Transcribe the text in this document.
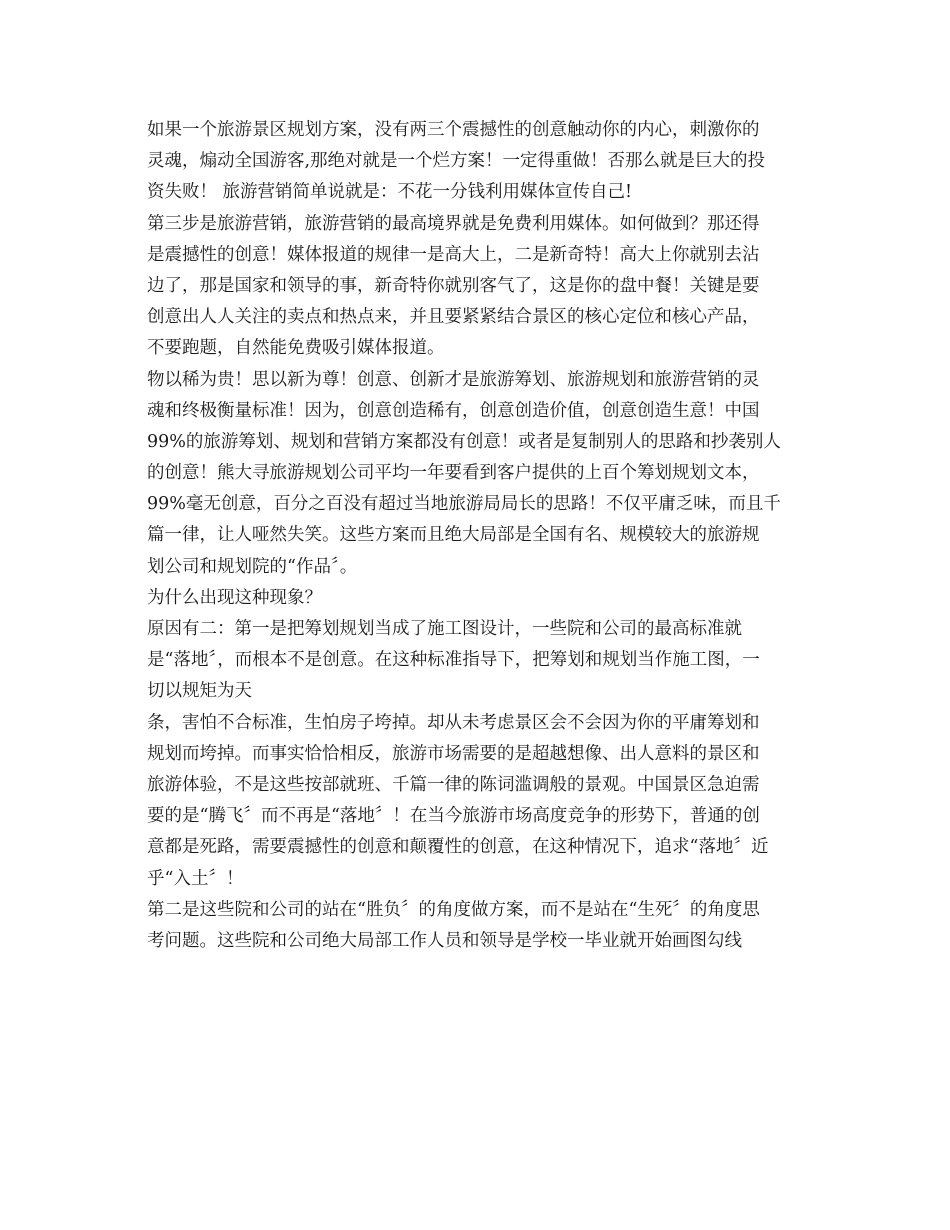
如果一个旅游景区规划方案，没有两三个震撼性的创意触动你的内心，刺激你的
灵魂，煽动全国游客,那绝对就是一个烂方案！一定得重做！否那么就是巨大的投
资失败！ 旅游营销简单说就是：不花一分钱利用媒体宣传自己!
第三步是旅游营销，旅游营销的最高境界就是免费利用媒体。如何做到？那还得
是震撼性的创意！媒体报道的规律一是高大上，二是新奇特！高大上你就别去沾
边了，那是国家和领导的事，新奇特你就别客气了，这是你的盘中餐！关键是要
创意出人人关注的卖点和热点来，并且要紧紧结合景区的核心定位和核心产品，
不要跑题，自然能免费吸引媒体报道。
物以稀为贵！思以新为尊！创意、创新才是旅游筹划、旅游规划和旅游营销的灵
魂和终极衡量标准！因为，创意创造稀有，创意创造价值，创意创造生意！中国
99%的旅游筹划、规划和营销方案都没有创意！或者是复制别人的思路和抄袭别人
的创意！熊大寻旅游规划公司平均一年要看到客户提供的上百个筹划规划文本，
99%毫无创意，百分之百没有超过当地旅游局局长的思路！不仅平庸乏味，而且千
篇一律，让人哑然失笑。这些方案而且绝大局部是全国有名、规模较大的旅游规
划公司和规划院的“作品〞。
为什么出现这种现象？
原因有二：第一是把筹划规划当成了施工图设计，一些院和公司的最高标准就
是“落地〞，而根本不是创意。在这种标准指导下，把筹划和规划当作施工图，一
切以规矩为天
条，害怕不合标准，生怕房子垮掉。却从未考虑景区会不会因为你的平庸筹划和
规划而垮掉。而事实恰恰相反，旅游市场需要的是超越想像、出人意料的景区和
旅游体验，不是这些按部就班、千篇一律的陈词滥调般的景观。中国景区急迫需
要的是“腾飞〞而不再是“落地〞！在当今旅游市场高度竞争的形势下，普通的创
意都是死路，需要震撼性的创意和颠覆性的创意，在这种情况下，追求“落地〞近
乎“入土〞！
第二是这些院和公司的站在“胜负〞的角度做方案，而不是站在“生死〞的角度思
考问题。这些院和公司绝大局部工作人员和领导是学校一毕业就开始画图勾线
